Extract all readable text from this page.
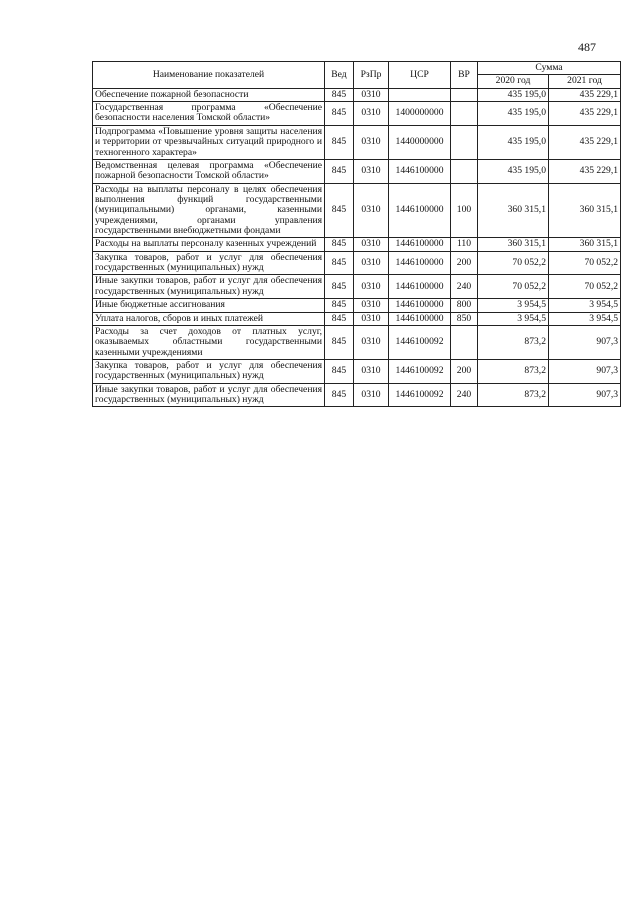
487
Наименование показателей	Вед	РзПр	ЦСР	ВР	Сумма	
					2020 год	2021 год
Обеспечение пожарной безопасности	845	0310			435 195,0	435 229,1
Государственная программа «Обеспечение безопасности населения Томской области»	845	0310	1400000000		435 195,0	435 229,1
Подпрограмма «Повышение уровня защиты населения и территории от чрезвычайных ситуаций природного и техногенного характера»	845	0310	1440000000		435 195,0	435 229,1
Ведомственная целевая программа «Обеспечение пожарной безопасности Томской области»	845	0310	1446100000		435 195,0	435 229,1
Расходы на выплаты персоналу в целях обеспечения выполнения функций государственными (муниципальными) органами, казенными учреждениями, органами управления государственными внебюджетными фондами	845	0310	1446100000	100	360 315,1	360 315,1
Расходы на выплаты персоналу казенных учреждений	845	0310	1446100000	110	360 315,1	360 315,1
Закупка товаров, работ и услуг для обеспечения государственных (муниципальных) нужд	845	0310	1446100000	200	70 052,2	70 052,2
Иные закупки товаров, работ и услуг для обеспечения государственных (муниципальных) нужд	845	0310	1446100000	240	70 052,2	70 052,2
Иные бюджетные ассигнования	845	0310	1446100000	800	3 954,5	3 954,5
Уплата налогов, сборов и иных платежей	845	0310	1446100000	850	3 954,5	3 954,5
Расходы за счет доходов от платных услуг, оказываемых областными государственными казенными учреждениями	845	0310	1446100092		873,2	907,3
Закупка товаров, работ и услуг для обеспечения государственных (муниципальных) нужд	845	0310	1446100092	200	873,2	907,3
Иные закупки товаров, работ и услуг для обеспечения государственных (муниципальных) нужд	845	0310	1446100092	240	873,2	907,3
